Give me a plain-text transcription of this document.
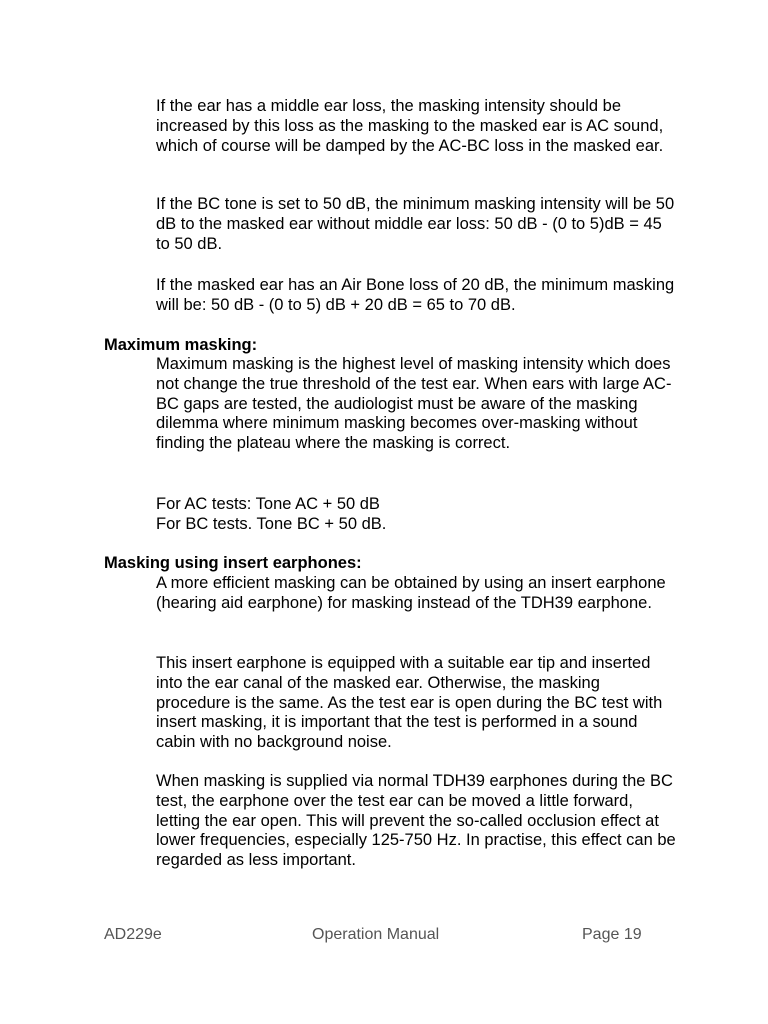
If the ear has a middle ear loss, the masking intensity should be increased by this loss as the masking to the masked ear is AC sound, which of course will be damped by the AC-BC loss in the masked ear.

If the BC tone is set to 50 dB, the minimum masking intensity will be 50 dB to the masked ear without middle ear loss: 50 dB - (0 to 5)dB = 45 to 50 dB.

If the masked ear has an Air Bone loss of 20 dB, the minimum masking will be: 50 dB - (0 to 5) dB + 20 dB = 65 to 70 dB.

Maximum masking:

Maximum masking is the highest level of masking intensity which does not change the true threshold of the test ear. When ears with large AC-BC gaps are tested, the audiologist must be aware of the masking dilemma where minimum masking becomes over-masking without finding the plateau where the masking is correct.

For AC tests: Tone AC + 50 dB

For BC tests. Tone BC + 50 dB.

Masking using insert earphones:

A more efficient masking can be obtained by using an insert earphone (hearing aid earphone) for masking instead of the TDH39 earphone.

This insert earphone is equipped with a suitable ear tip and inserted into the ear canal of the masked ear. Otherwise, the masking procedure is the same. As the test ear is open during the BC test with insert masking, it is important that the test is performed in a sound cabin with no background noise.

When masking is supplied via normal TDH39 earphones during the BC test, the earphone over the test ear can be moved a little forward, letting the ear open. This will prevent the so-called occlusion effect at lower frequencies, especially 125-750 Hz. In practise, this effect can be regarded as less important.

AD229e	Operation Manual	Page 19
